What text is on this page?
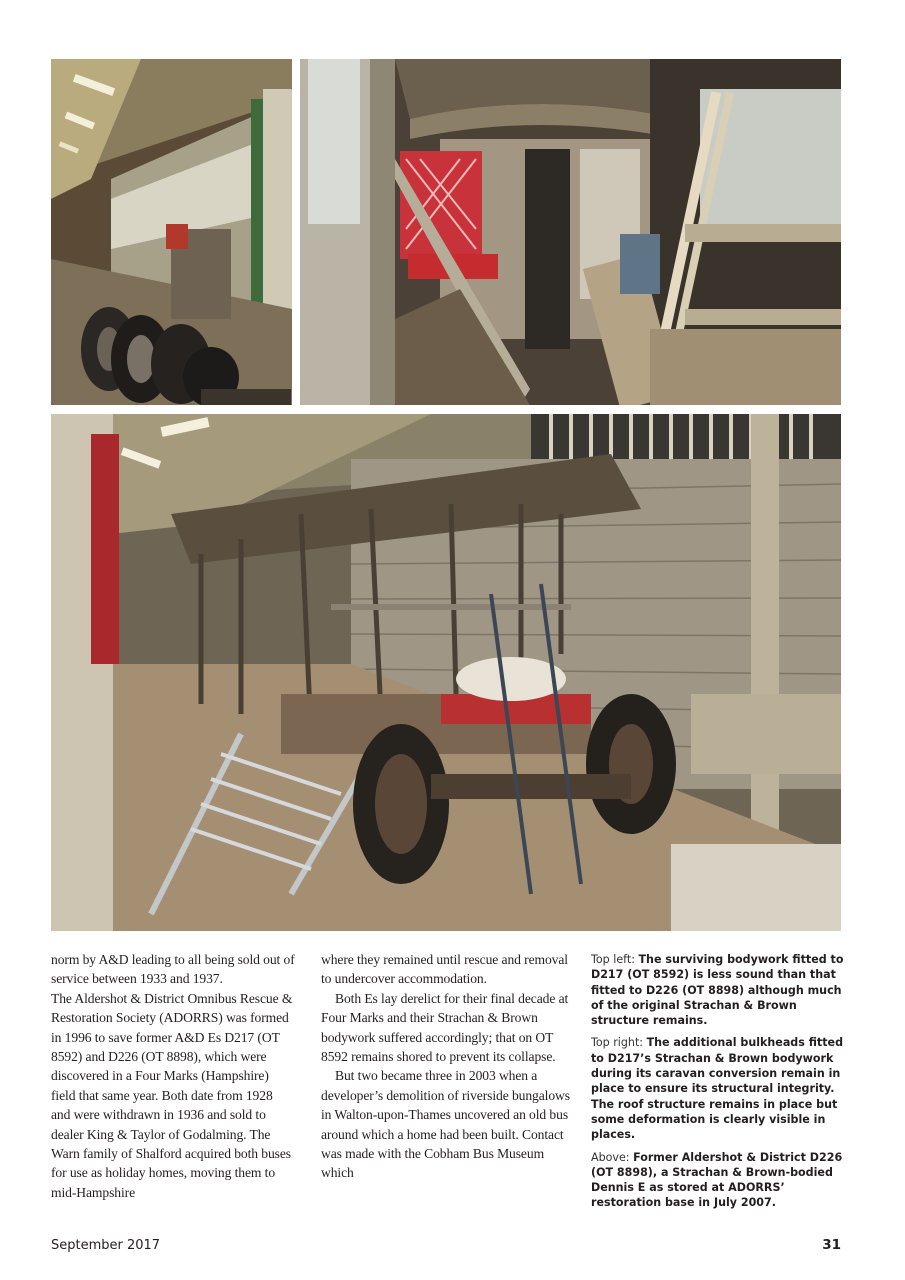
norm by A&D leading to all being sold out of service between 1933 and 1937.

The Aldershot & District Omnibus Rescue & Restoration Society (ADORRS) was formed in 1996 to save former A&D Es D217 (OT 8592) and D226 (OT 8898), which were discovered in a Four Marks (Hampshire) field that same year. Both date from 1928 and were withdrawn in 1936 and sold to dealer King & Taylor of Godalming. The Warn family of Shalford acquired both buses for use as holiday homes, moving them to mid-Hampshire

where they remained until rescue and removal to undercover accommodation.

Both Es lay derelict for their final decade at Four Marks and their Strachan & Brown bodywork suffered accordingly; that on OT 8592 remains shored to prevent its collapse.

But two became three in 2003 when a developer’s demolition of riverside bungalows in Walton-upon-Thames uncovered an old bus around which a home had been built. Contact was made with the Cobham Bus Museum which

Top left: The surviving bodywork fitted to D217 (OT 8592) is less sound than that fitted to D226 (OT 8898) although much of the original Strachan & Brown structure remains.

Top right: The additional bulkheads fitted to D217’s Strachan & Brown bodywork during its caravan conversion remain in place to ensure its structural integrity. The roof structure remains in place but some deformation is clearly visible in places.

Above: Former Aldershot & District D226 (OT 8898), a Strachan & Brown-bodied Dennis E as stored at ADORRS’ restoration base in July 2007.

September 2017	31
